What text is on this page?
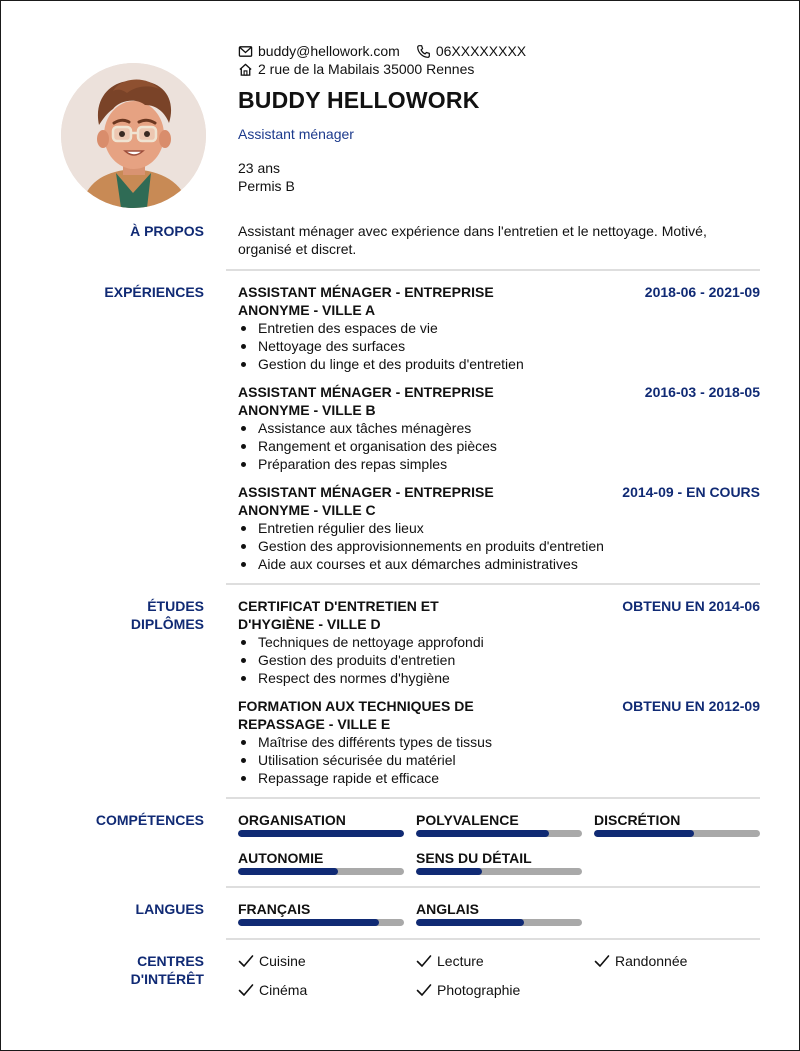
buddy@hellowork.com	06XXXXXXXX
2 rue de la Mabilais 35000 Rennes
BUDDY HELLOWORK
Assistant ménager
23 ans
Permis B
À PROPOS Assistant ménager avec expérience dans l'entretien et le nettoyage. Motivé, organisé et discret.
EXPÉRIENCES ASSISTANT MÉNAGER - ENTREPRISE ANONYME - VILLE A
2018-06 - 2021-09
Entretien des espaces de vie
Nettoyage des surfaces
Gestion du linge et des produits d'entretien
ASSISTANT MÉNAGER - ENTREPRISE ANONYME - VILLE B
2016-03 - 2018-05
Assistance aux tâches ménagères
Rangement et organisation des pièces
Préparation des repas simples
ASSISTANT MÉNAGER - ENTREPRISE ANONYME - VILLE C
2014-09 - EN COURS
Entretien régulier des lieux
Gestion des approvisionnements en produits d'entretien
Aide aux courses et aux démarches administratives
ÉTUDES
DIPLÔMES
CERTIFICAT D'ENTRETIEN ET D'HYGIÈNE - VILLE D
OBTENU EN 2014-06
Techniques de nettoyage approfondi
Gestion des produits d'entretien
Respect des normes d'hygiène
FORMATION AUX TECHNIQUES DE REPASSAGE - VILLE E
OBTENU EN 2012-09
Maîtrise des différents types de tissus
Utilisation sécurisée du matériel
Repassage rapide et efficace
COMPÉTENCES ORGANISATION	POLYVALENCE	DISCRÉTION
AUTONOMIE	SENS DU DÉTAIL
LANGUES FRANÇAIS	ANGLAIS
CENTRES
D'INTÉRÊT
Cuisine	Lecture	Randonnée
Cinéma	Photographie
